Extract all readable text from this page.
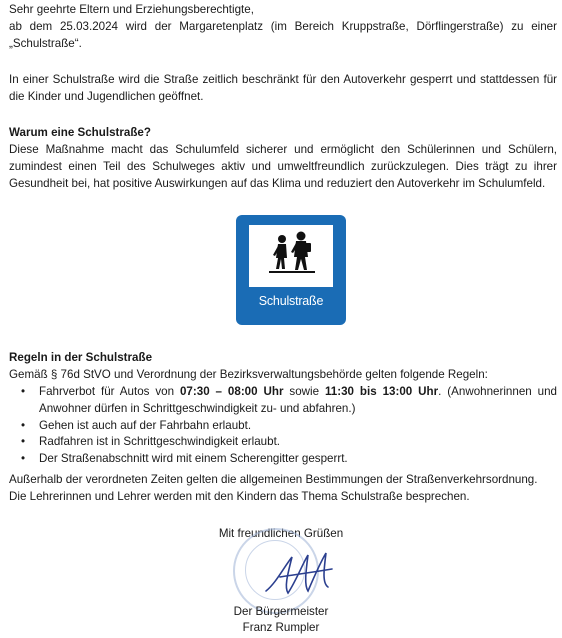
Sehr geehrte Eltern und Erziehungsberechtigte,

ab dem 25.03.2024 wird der Margaretenplatz (im Bereich Kruppstraße, Dörflingerstraße) zu einer „Schulstraße“.

In einer Schulstraße wird die Straße zeitlich beschränkt für den Autoverkehr gesperrt und stattdessen für die Kinder und Jugendlichen geöffnet.

Warum eine Schulstraße?

Diese Maßnahme macht das Schulumfeld sicherer und ermöglicht den Schülerinnen und Schülern, zumindest einen Teil des Schulweges aktiv und umweltfreundlich zurückzulegen. Dies trägt zu ihrer Gesundheit bei, hat positive Auswirkungen auf das Klima und reduziert den Autoverkehr im Schulumfeld.

Schulstraße

Regeln in der Schulstraße

Gemäß § 76d StVO und Verordnung der Bezirksverwaltungsbehörde gelten folgende Regeln:

• Fahrverbot für Autos von 07:30 – 08:00 Uhr sowie 11:30 bis 13:00 Uhr. (Anwohnerinnen und Anwohner dürfen in Schrittgeschwindigkeit zu- und abfahren.)
• Gehen ist auch auf der Fahrbahn erlaubt.
• Radfahren ist in Schrittgeschwindigkeit erlaubt.
• Der Straßenabschnitt wird mit einem Scherengitter gesperrt.

Außerhalb der verordneten Zeiten gelten die allgemeinen Bestimmungen der Straßenverkehrsordnung.

Die Lehrerinnen und Lehrer werden mit den Kindern das Thema Schulstraße besprechen.

Mit freundlichen Grüßen
Der Bürgermeister
Franz Rumpler
